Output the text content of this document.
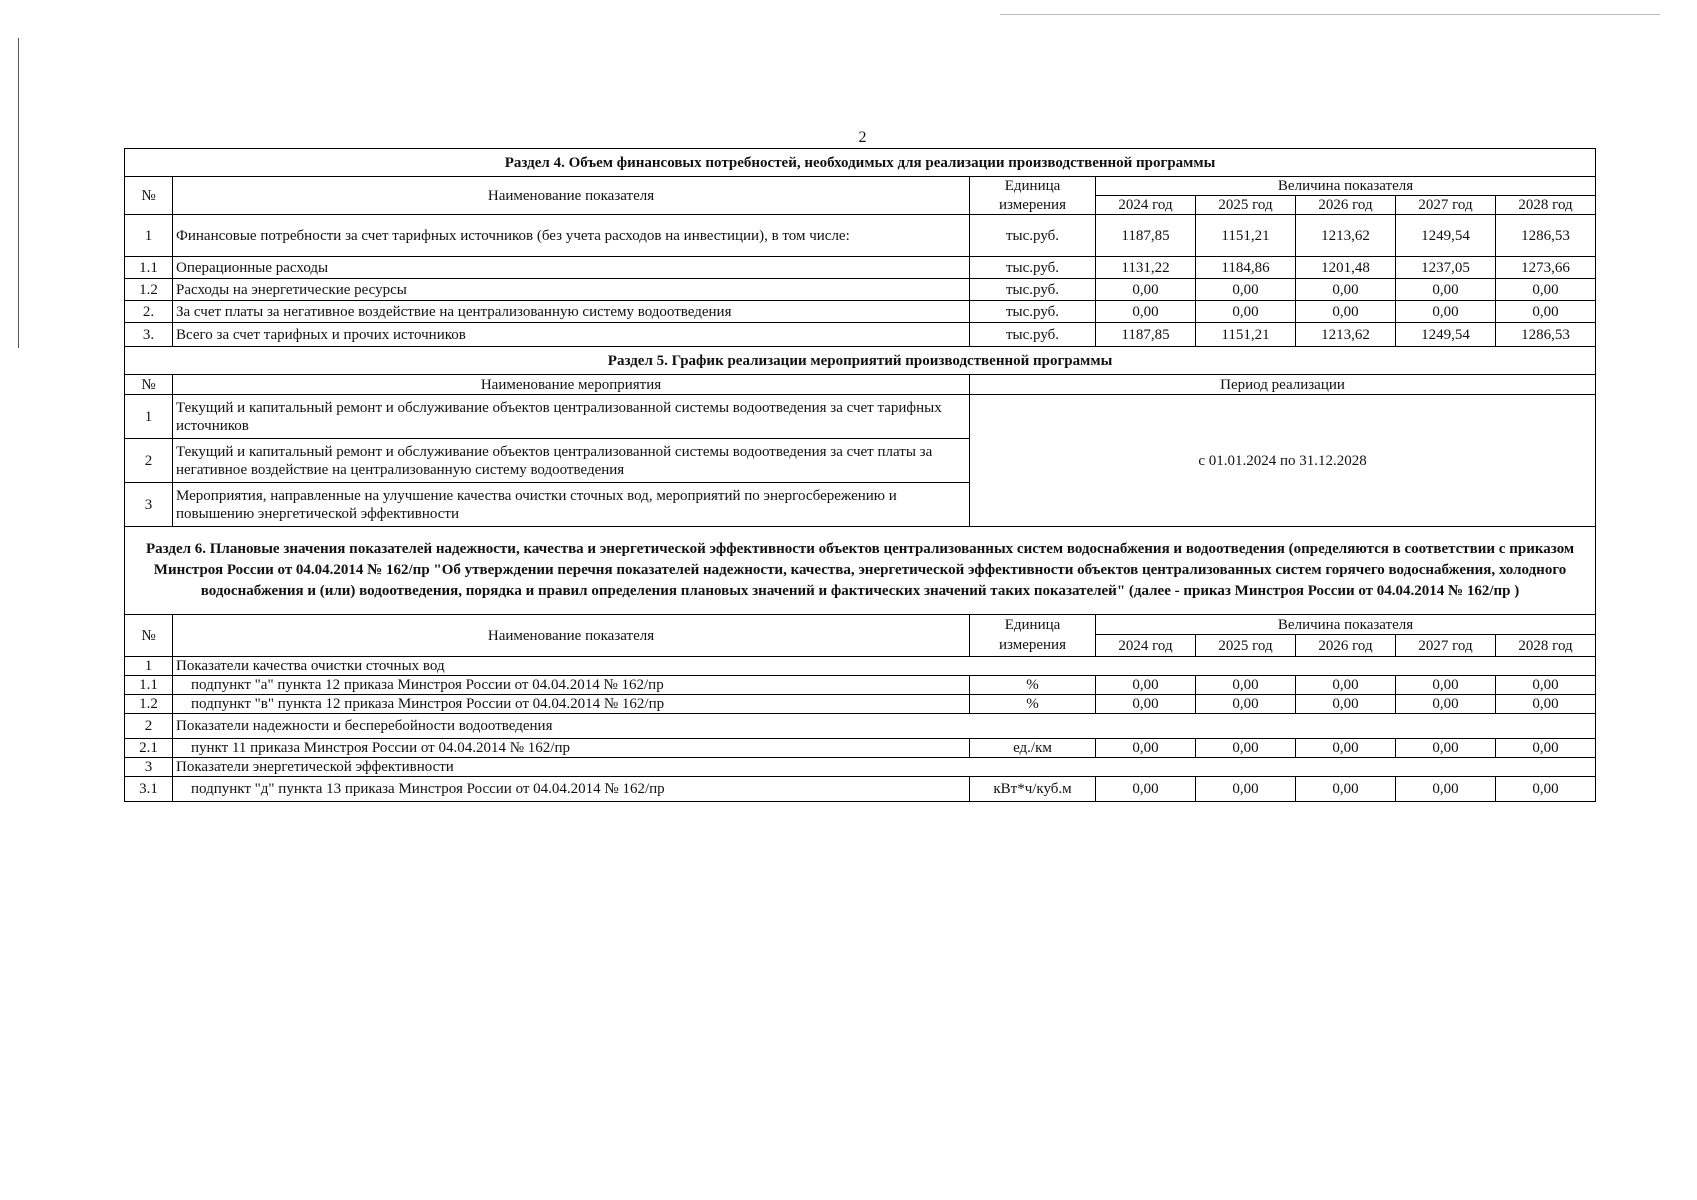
2
Раздел 4. Объем финансовых потребностей, необходимых для реализации производственной программы							
№	Наименование показателя	Единица	Величина показателя				
		измерения	2024 год	2025 год	2026 год	2027 год	2028 год
1	Финансовые потребности за счет тарифных источников (без учета расходов на инвестиции), в том числе:	тыс.руб.	1187,85	1151,21	1213,62	1249,54	1286,53
1.1	Операционные расходы	тыс.руб.	1131,22	1184,86	1201,48	1237,05	1273,66
1.2	Расходы на энергетические ресурсы	тыс.руб.	0,00	0,00	0,00	0,00	0,00
2.	За счет платы за негативное воздействие на централизованную систему водоотведения	тыс.руб.	0,00	0,00	0,00	0,00	0,00
3.	Всего за счет тарифных и прочих источников	тыс.руб.	1187,85	1151,21	1213,62	1249,54	1286,53
Раздел 5. График реализации мероприятий производственной программы							
№	Наименование мероприятия	Период реализации					
1	Текущий и капитальный ремонт и обслуживание объектов централизованной системы водоотведения за счет тарифных источников	с 01.01.2024 по 31.12.2028					
2	Текущий и капитальный ремонт и обслуживание объектов централизованной системы водоотведения за счет платы за негативное воздействие на централизованную систему водоотведения						
3	Мероприятия, направленные на улучшение качества очистки сточных вод, мероприятий по энергосбережению и повышению энергетической эффективности						
Раздел 6. Плановые значения показателей надежности, качества и энергетической эффективности объектов централизованных систем водоснабжения и водоотведения (определяются в соответствии с приказом Минстроя России от 04.04.2014 № 162/пр "Об утверждении перечня показателей надежности, качества, энергетической эффективности объектов централизованных систем горячего водоснабжения, холодного водоснабжения и (или) водоотведения, порядка и правил определения плановых значений и фактических значений таких показателей" (далее - приказ Минстроя России от 04.04.2014 № 162/пр )							
№	Наименование показателя	Единица	Величина показателя				
		измерения	2024 год	2025 год	2026 год	2027 год	2028 год
1	Показатели качества очистки сточных вод						
1.1	подпункт "а" пункта 12 приказа Минстроя России от 04.04.2014 № 162/пр	%	0,00	0,00	0,00	0,00	0,00
1.2	подпункт "в" пункта 12 приказа Минстроя России от 04.04.2014 № 162/пр	%	0,00	0,00	0,00	0,00	0,00
2	Показатели надежности и бесперебойности водоотведения						
2.1	пункт 11 приказа Минстроя России от 04.04.2014 № 162/пр	ед./км	0,00	0,00	0,00	0,00	0,00
3	Показатели энергетической эффективности						
3.1	подпункт "д" пункта 13 приказа Минстроя России от 04.04.2014 № 162/пр	кВт*ч/куб.м	0,00	0,00	0,00	0,00	0,00
